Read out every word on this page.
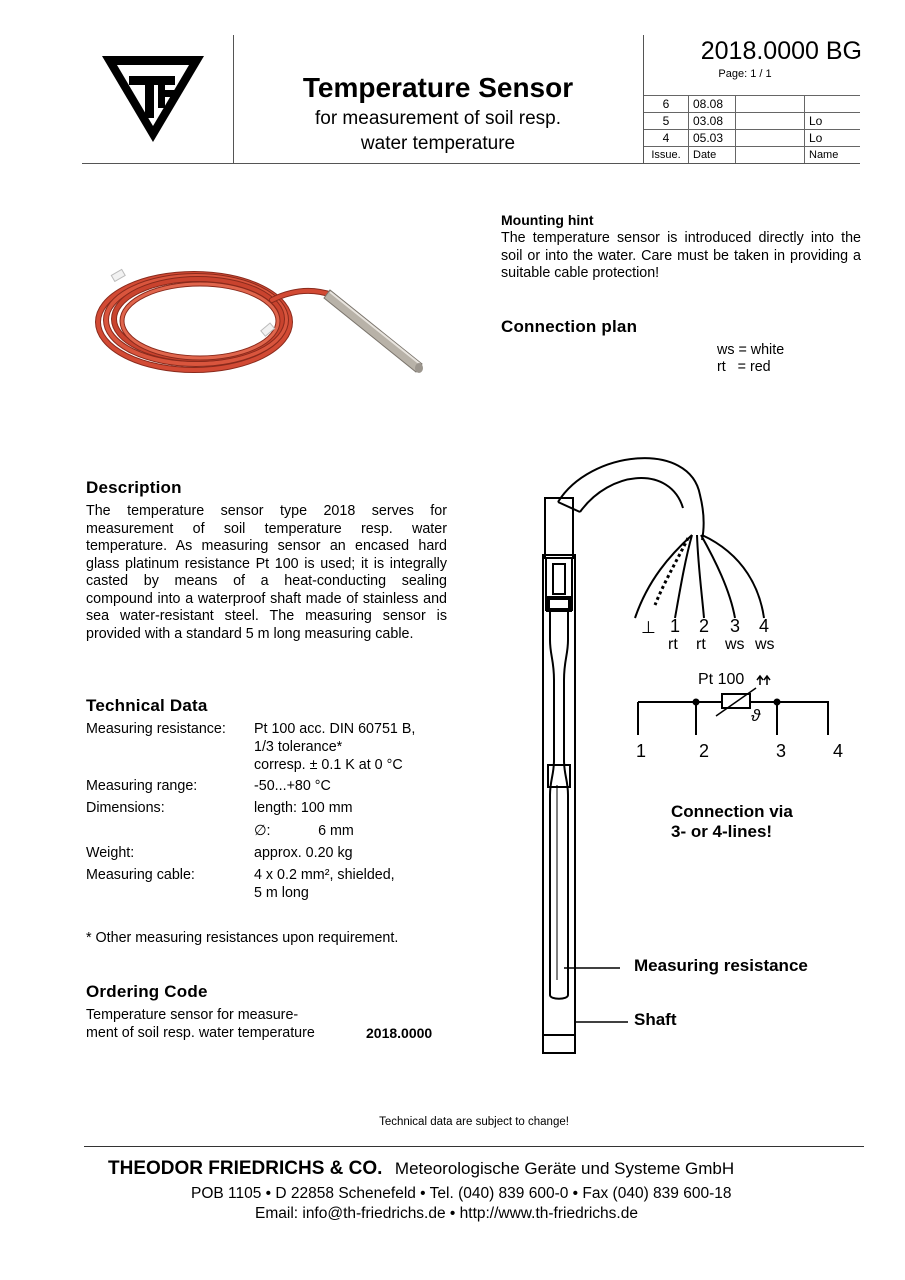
Temperature Sensor
for measurement of soil resp.
water temperature
2018.0000 BG
Page: 1 / 1
6	08.08		
5	03.08		Lo
4	05.03		Lo
Issue.	Date		Name
Mounting hint
The temperature sensor is introduced directly into the soil or into the water. Care must be taken in providing a suitable cable protection!
Connection plan
ws = white
rt   = red
⊥ 1 2 3 4
rt rt ws ws
Pt 100
ϑ
1	2	3	4
Connection via
3- or 4-lines!
Measuring resistance
Shaft
Description
The temperature sensor type 2018 serves for measurement of soil temperature resp. water temperature. As measuring sensor an encased hard glass platinum resistance Pt 100 is used; it is integrally casted by means of a heat-conducting sealing compound into a waterproof shaft made of stainless and sea water-resistant steel. The measuring sensor is provided with a standard 5 m long measuring cable.
Technical Data
Measuring resistance: Pt 100 acc. DIN 60751 B,
1/3 tolerance*
corresp. ± 0.1 K at 0 °C
Measuring range:	-50...+80 °C
Dimensions:	length: 100 mm
∅:            6 mm
Weight:	approx. 0.20 kg
Measuring cable:	4 x 0.2 mm², shielded,
5 m long
* Other measuring resistances upon requirement.
Ordering Code
Temperature sensor for measure-
ment of soil resp. water temperature	2018.0000
Technical data are subject to change!
THEODOR FRIEDRICHS & CO. Meteorologische Geräte und Systeme GmbH
POB 1105 • D 22858 Schenefeld • Tel. (040) 839 600-0 • Fax (040) 839 600-18
Email: info@th-friedrichs.de • http://www.th-friedrichs.de
